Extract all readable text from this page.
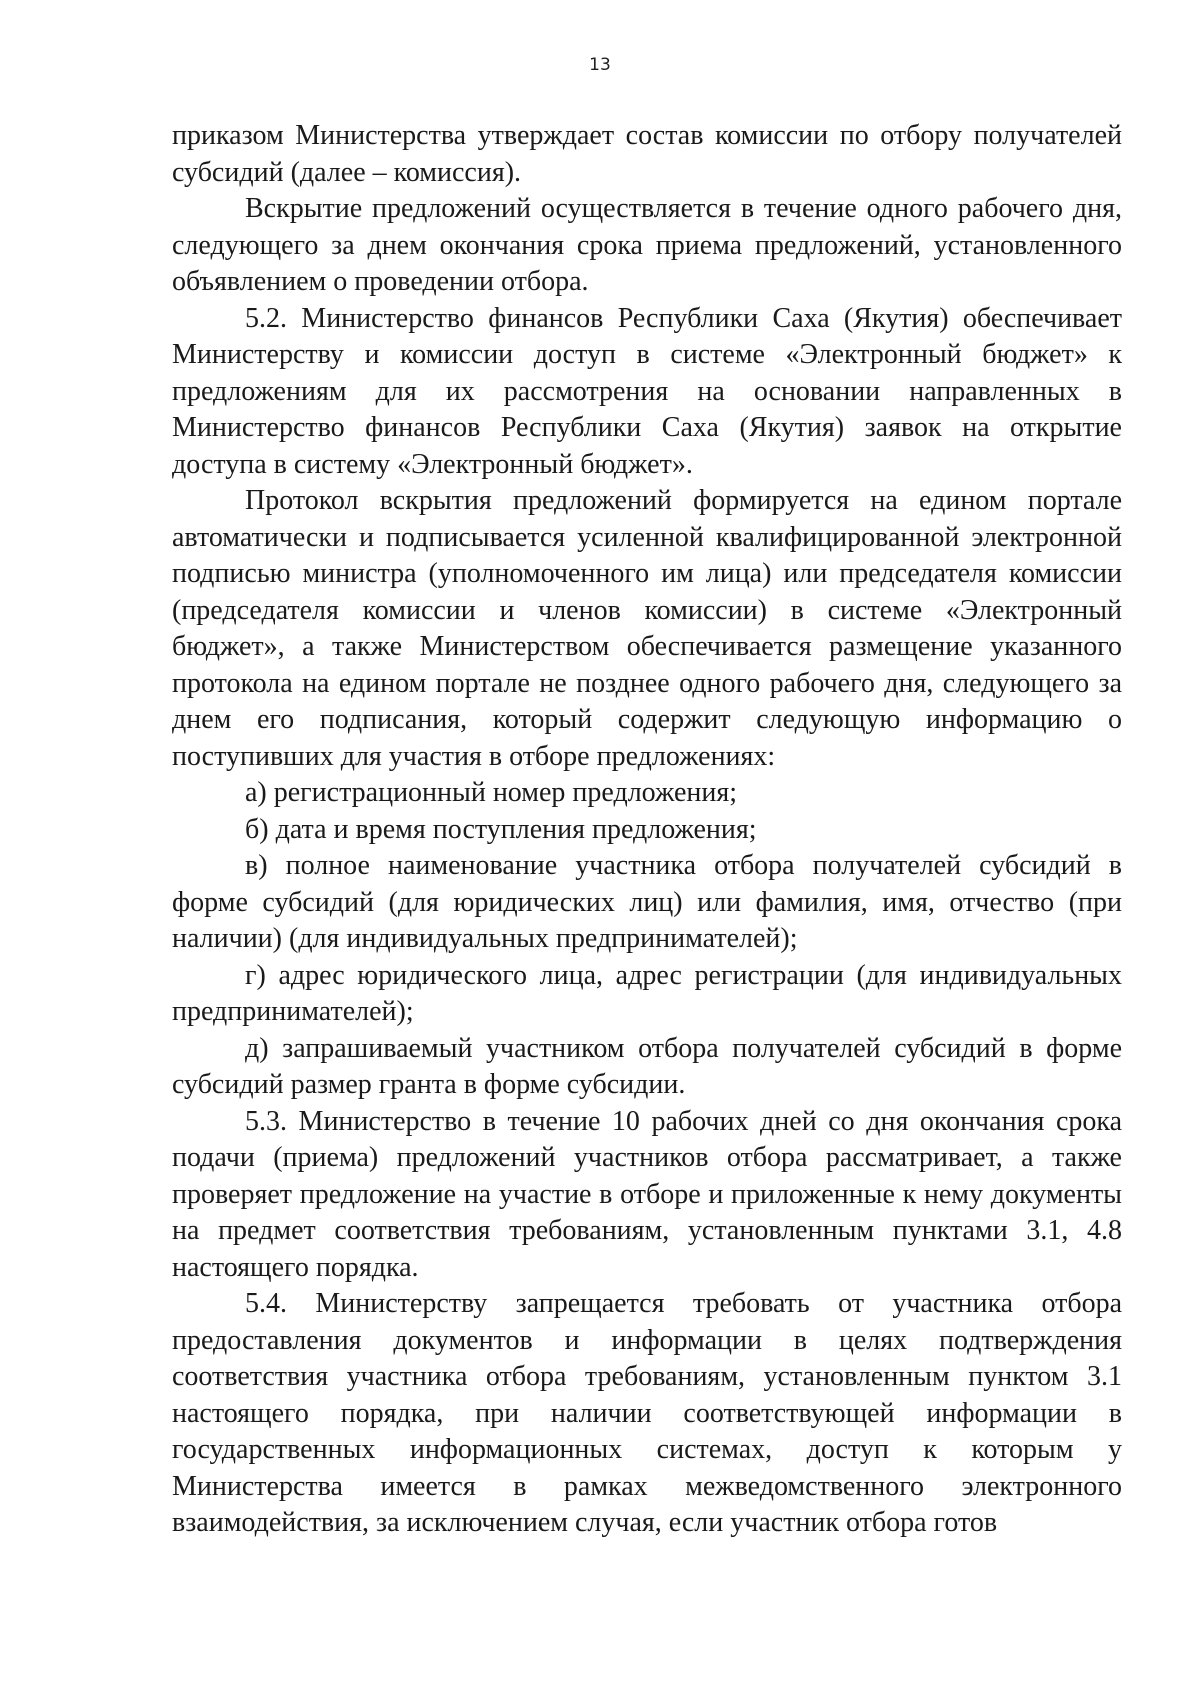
13

приказом Министерства утверждает состав комиссии по отбору получателей субсидий (далее – комиссия).

Вскрытие предложений осуществляется в течение одного рабочего дня, следующего за днем окончания срока приема предложений, установленного объявлением о проведении отбора.

5.2. Министерство финансов Республики Саха (Якутия) обеспечивает Министерству и комиссии доступ в системе «Электронный бюджет» к предложениям для их рассмотрения на основании направленных в Министерство финансов Республики Саха (Якутия) заявок на открытие доступа в систему «Электронный бюджет».

Протокол вскрытия предложений формируется на едином портале автоматически и подписывается усиленной квалифицированной электронной подписью министра (уполномоченного им лица) или председателя комиссии (председателя комиссии и членов комиссии) в системе «Электронный бюджет», а также Министерством обеспечивается размещение указанного протокола на едином портале не позднее одного рабочего дня, следующего за днем его подписания, который содержит следующую информацию о поступивших для участия в отборе предложениях:

а) регистрационный номер предложения;

б) дата и время поступления предложения;

в) полное наименование участника отбора получателей субсидий в форме субсидий (для юридических лиц) или фамилия, имя, отчество (при наличии) (для индивидуальных предпринимателей);

г) адрес юридического лица, адрес регистрации (для индивидуальных предпринимателей);

д) запрашиваемый участником отбора получателей субсидий в форме субсидий размер гранта в форме субсидии.

5.3. Министерство в течение 10 рабочих дней со дня окончания срока подачи (приема) предложений участников отбора рассматривает, а также проверяет предложение на участие в отборе и приложенные к нему документы на предмет соответствия требованиям, установленным пунктами 3.1, 4.8 настоящего порядка.

5.4. Министерству запрещается требовать от участника отбора предоставления документов и информации в целях подтверждения соответствия участника отбора требованиям, установленным пунктом 3.1 настоящего порядка, при наличии соответствующей информации в государственных информационных системах, доступ к которым у Министерства имеется в рамках межведомственного электронного взаимодействия, за исключением случая, если участник отбора готов
